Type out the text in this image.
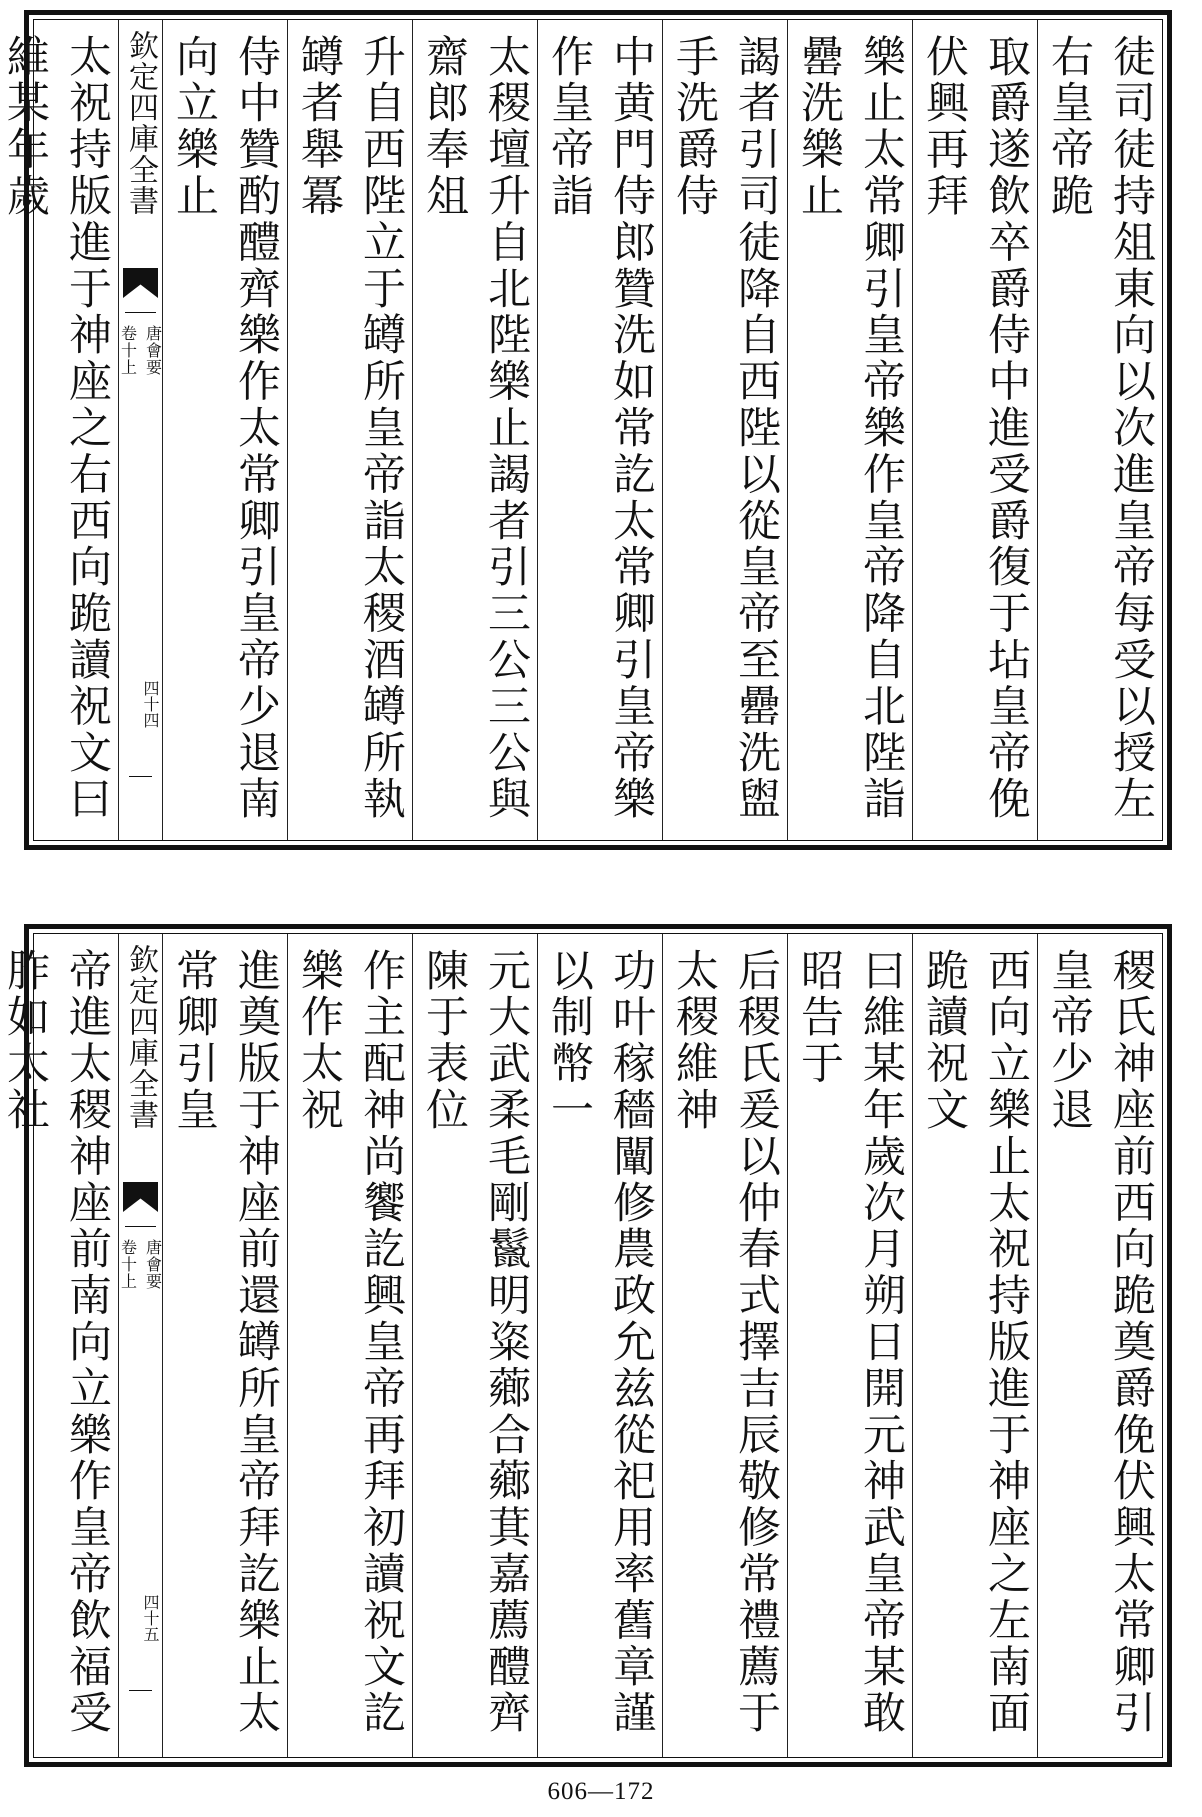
徒司徒持俎東向以次進皇帝每受以授左右皇帝跪
取爵遂飲卒爵侍中進受爵復于坫皇帝俛伏興再拜
樂止太常卿引皇帝樂作皇帝降自北陛詣罍洗樂止
謁者引司徒降自西陛以從皇帝至罍洗盥手洗爵侍
中黄門侍郎贊洗如常訖太常卿引皇帝樂作皇帝詣
太稷壇升自北陛樂止謁者引三公三公與齋郎奉俎
升自西陛立于罇所皇帝詣太稷酒罇所執罇者舉冪
侍中贊酌醴齊樂作太常卿引皇帝少退南向立樂止
欽定四庫全書
唐會要
卷十上
四十四
太祝持版進于神座之右西向跪讀祝文曰維某年歲
稷氏神座前西向跪奠爵俛伏興太常卿引皇帝少退
西向立樂止太祝持版進于神座之左南面跪讀祝文
曰維某年歲次月朔日開元神武皇帝某敢昭告于
后稷氏爰以仲春式擇吉辰敬修常禮薦于太稷維神
功叶稼穡闡修農政允兹從祀用率舊章謹以制幣一
元大武柔毛剛鬣明粢薌合薌萁嘉薦醴齊陳于表位
作主配神尚饗訖興皇帝再拜初讀祝文訖樂作太祝
進奠版于神座前還罇所皇帝拜訖樂止太常卿引皇
欽定四庫全書
唐會要
卷十上
四十五
帝進太稷神座前南向立樂作皇帝飲福受胙如太社
606—172
